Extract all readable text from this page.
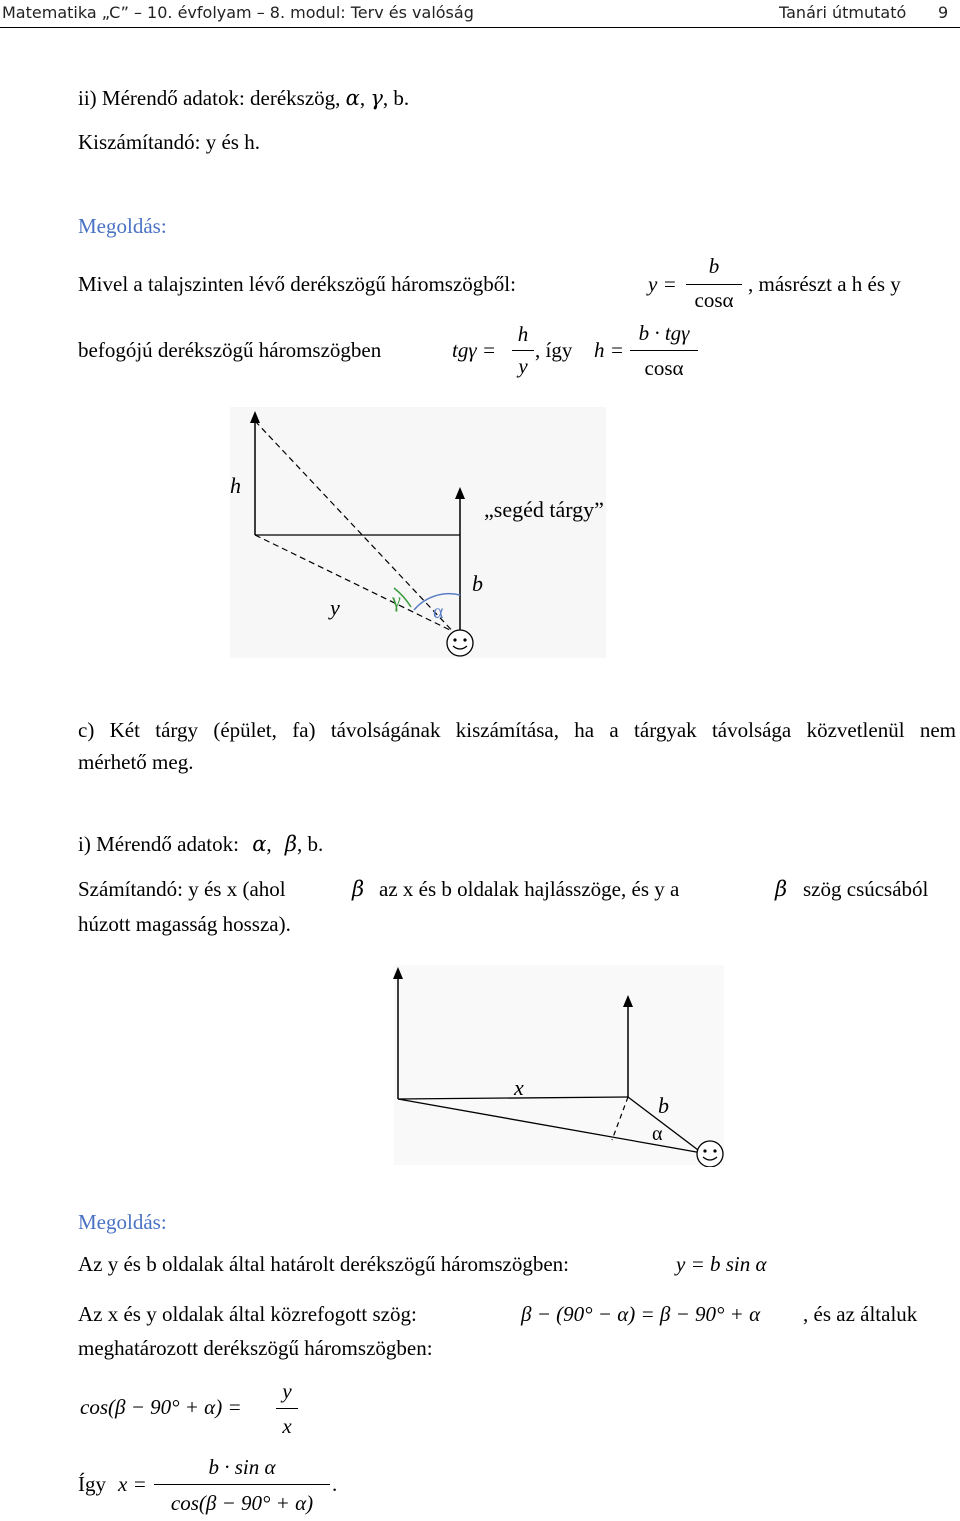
Matematika „C” – 10. évfolyam – 8. modul: Terv és valóság	Tanári útmutató 9
ii) Mérendő adatok: derékszög, α, γ, b.
Kiszámítandó: y és h.
Megoldás:
Mivel a talajszinten lévő derékszögű háromszögből:	y =
b
cosα
, másrészt a h és y
befogójú derékszögű háromszögben	tgγ =
h
y
, így h =
b · tgγ
cosα
h
„segéd tárgy”
b
y	γ α
c) Két tárgy (épület, fa) távolságának kiszámítása, ha a tárgyak távolsága közvetlenül nem
mérhető meg.
i) Mérendő adatok: α, β, b.
Számítandó: y és x (ahol	β az x és b oldalak hajlásszöge, és y a	β szög csúcsából
húzott magasság hossza).
x
b
α
Megoldás:
Az y és b oldalak által határolt derékszögű háromszögben:	y = b sin α
Az x és y oldalak által közrefogott szög:	β − (90° − α) = β − 90° + α , és az általuk
meghatározott derékszögű háromszögben:
cos(β − 90° + α) =
y
x
Így x =
b · sin α
cos(β − 90° + α)
.
